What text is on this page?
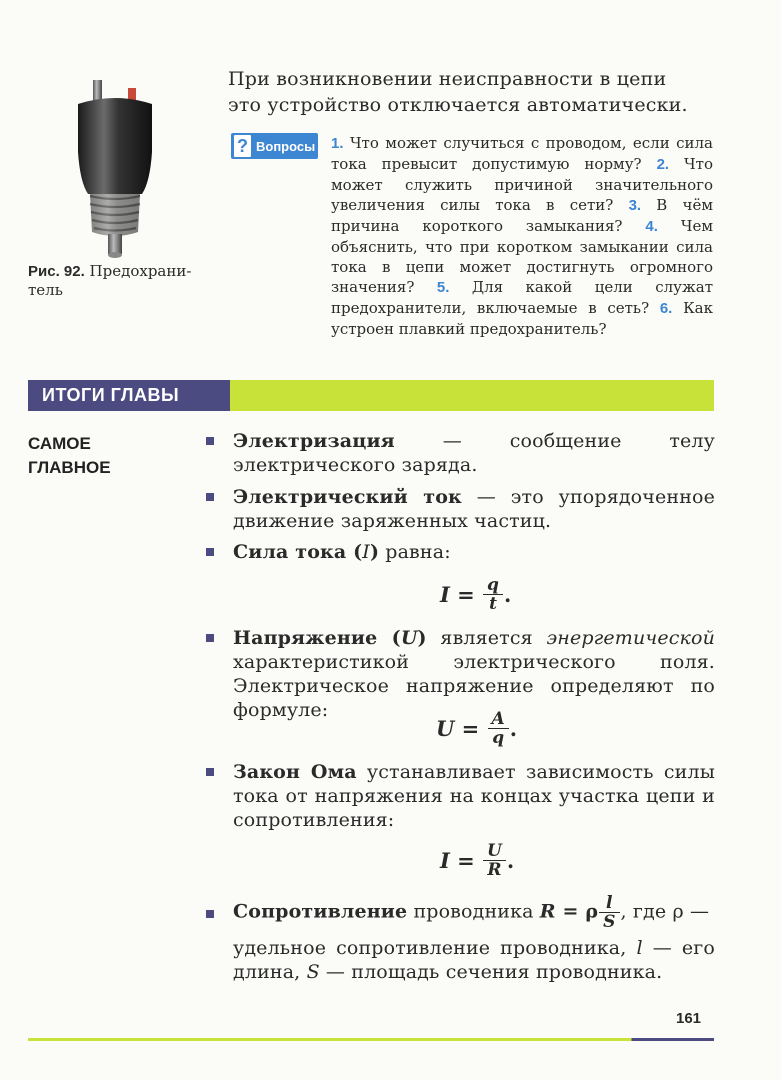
Рис. 92. Предохрани-
тель
При возникновении неисправности в цепи это устройство отключается автоматически.
? Вопросы 1. Что может случиться с проводом, если сила тока превысит допустимую норму? 2. Что может служить причиной значительного увеличения силы тока в сети? 3. В чём причина короткого замыкания? 4. Чем объяснить, что при коротком замыкании сила тока в цепи может достигнуть огромного значения? 5. Для какой цели служат предохранители, включаемые в сеть? 6. Как устроен плавкий предохранитель?
ИТОГИ ГЛАВЫ
САМОЕ
ГЛАВНОЕ
Электризация — сообщение телу электрического заряда.
Электрический ток — это упорядоченное движение заряженных частиц.
Сила тока (I) равна:
$I = \frac{q}{t}$ .
Напряжение (U) является энергетической характеристикой электрического поля. Электрическое напряжение определяют по формуле:
$U = \frac{A}{q}$ .
Закон Ома устанавливает зависимость силы тока от напряжения на концах участка цепи и сопротивления:
$I = \frac{U}{R}$ .
Сопротивление проводника R = ρ $\frac{l}{S}$ , где ρ —
удельное сопротивление проводника, l — его длина, S — площадь сечения проводника.
161
